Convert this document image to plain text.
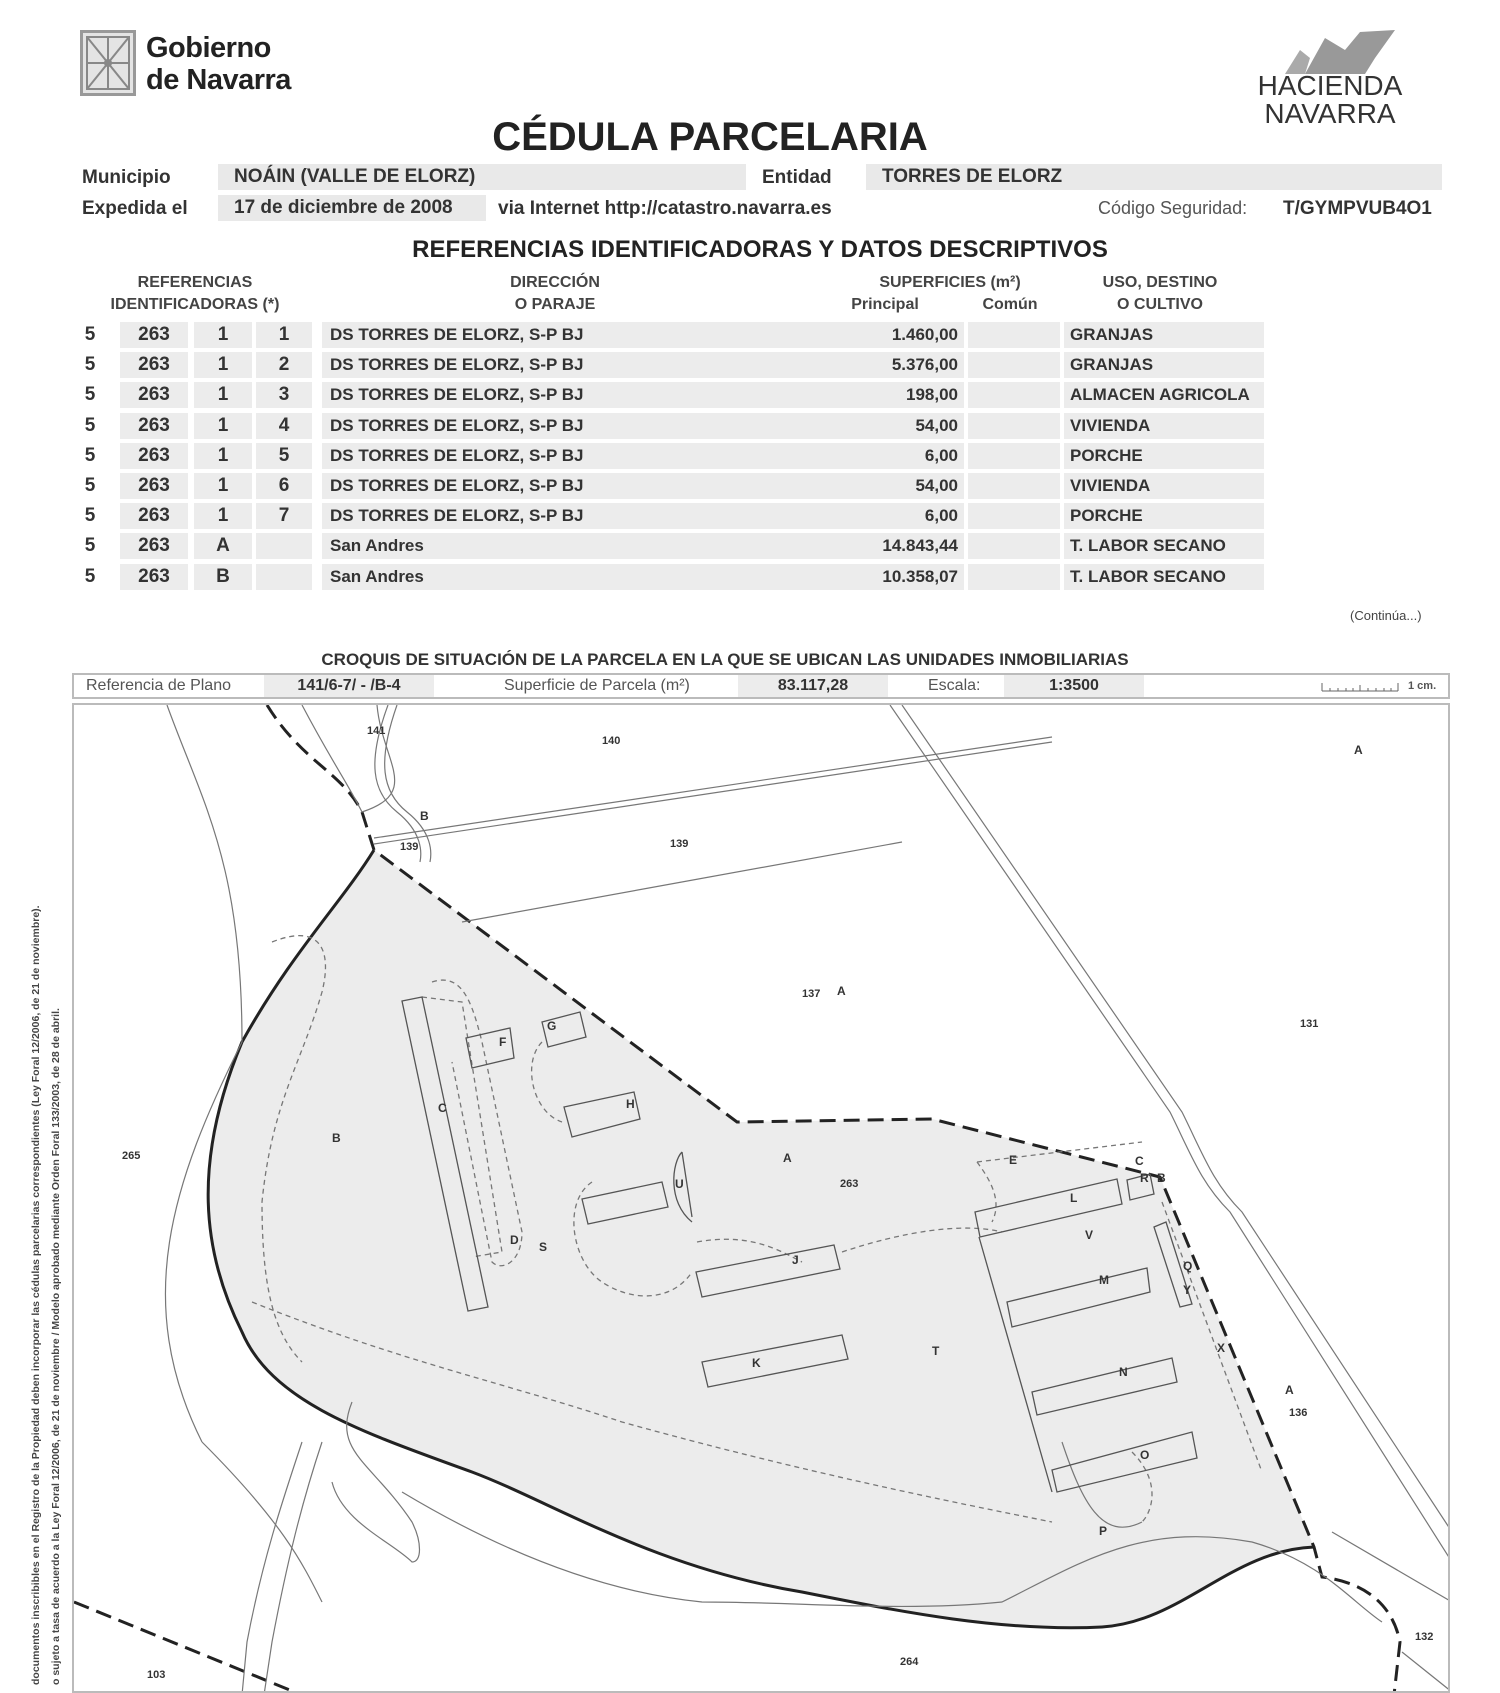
Gobierno
de Navarra	HACIENDA
NAVARRA
CÉDULA PARCELARIA
Municipio	NOÁIN (VALLE DE ELORZ)	Entidad	TORRES DE ELORZ
Expedida el	17 de diciembre de 2008	via Internet http://catastro.navarra.es	Código Seguridad: T/GYMPVUB4O1
REFERENCIAS IDENTIFICADORAS Y DATOS DESCRIPTIVOS
REFERENCIAS
IDENTIFICADORAS (*)
DIRECCIÓN
O PARAJE
SUPERFICIES (m²)
Principal	Común
USO, DESTINO
O CULTIVO
5	263	1	1	DS TORRES DE ELORZ, S-P BJ	1.460,00	GRANJAS
5	263	1	2	DS TORRES DE ELORZ, S-P BJ	5.376,00	GRANJAS
5	263	1	3	DS TORRES DE ELORZ, S-P BJ	198,00	ALMACEN AGRICOLA
5	263	1	4	DS TORRES DE ELORZ, S-P BJ	54,00	VIVIENDA
5	263	1	5	DS TORRES DE ELORZ, S-P BJ	6,00	PORCHE
5	263	1	6	DS TORRES DE ELORZ, S-P BJ	54,00	VIVIENDA
5	263	1	7	DS TORRES DE ELORZ, S-P BJ	6,00	PORCHE
5	263	A	San Andres	14.843,44	T. LABOR SECANO
5	263	B	San Andres	10.358,07	T. LABOR SECANO
(Continúa...)
CROQUIS DE SITUACIÓN DE LA PARCELA EN LA QUE SE UBICAN LAS UNIDADES INMOBILIARIAS
Referencia de Plano	141/6-7/ - /B-4	Superficie de Parcela (m²)	83.117,28	Escala:	1:3500	1 cm.
141
140
139	139
B
A
137 A
131
265
B
C
D S
F
G
H
U
A
263
J
K
T
E	C
R B
L
V
M
Q
Y
X
N
O
A
136
P
264
132
103
documentos inscribibles en el Registro de la Propiedad deben incorporar las cédulas parcelarias correspondientes (Ley Foral 12/2006, de 21 de noviembre). o sujeto a tasa de acuerdo a la Ley Foral 12/2006, de 21 de noviembre / Modelo aprobado mediante Orden Foral 133/2003, de 28 de abril.
